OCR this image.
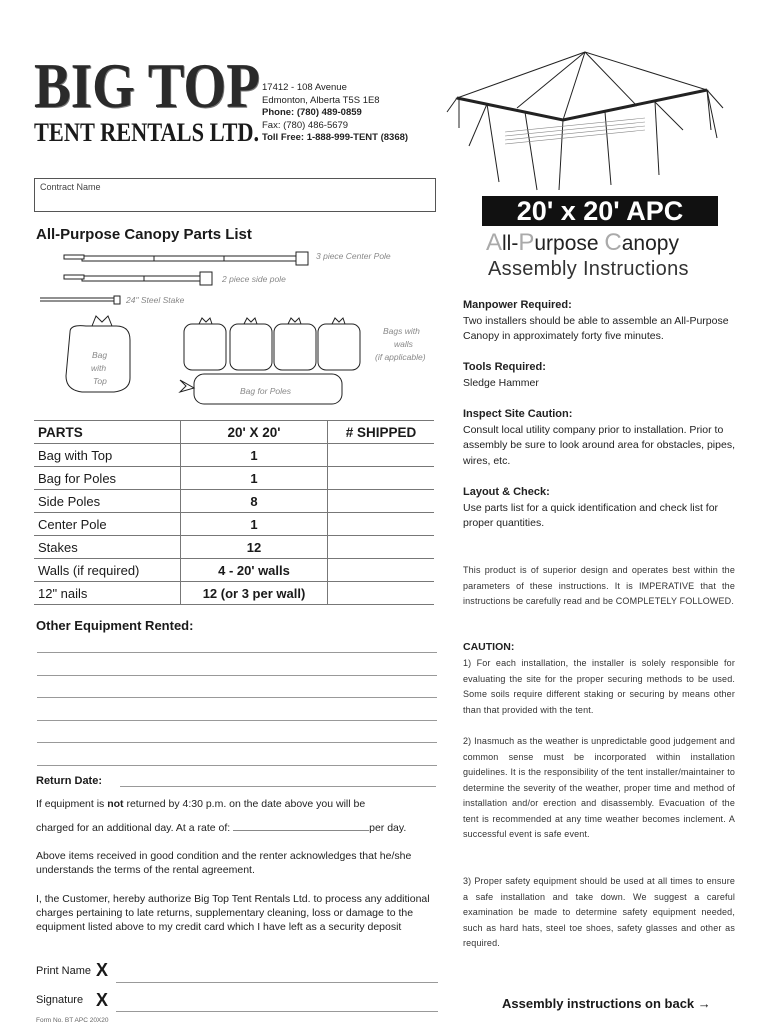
BIG TOP
TENT RENTALS LTD.
17412 - 108 Avenue
Edmonton, Alberta T5S 1E8
Phone: (780) 489-0859
Fax: (780) 486-5679
Toll Free: 1-888-999-TENT (8368)
Contract Name
20' x 20' APC
All-Purpose Canopy
Assembly Instructions
All-Purpose Canopy Parts List
3 piece Center Pole
2 piece side pole
24" Steel Stake
Bag
with
Top
Bags with
walls
(if applicable)
Bag for Poles
PARTS	20' X 20'	# SHIPPED
Bag with Top	1	
Bag for Poles	1	
Side Poles	8	
Center Pole	1	
Stakes	12	
Walls (if required)	4 - 20' walls	
12" nails	12 (or 3 per wall)	
Other Equipment Rented:
Return Date:
If equipment is not returned by 4:30 p.m. on the date above you will be
charged for an additional day. At a rate of:	per day.
Above items received in good condition and the renter acknowledges that he/she understands the terms of the rental agreement.
I, the Customer, hereby authorize Big Top Tent Rentals Ltd. to process any additional charges pertaining to late returns, supplementary cleaning, loss or damage to the equipment listed above to my credit card which I have left as a security deposit
Print Name X
Signature X
Form No. BT APC 20X20
Manpower Required:
Two installers should be able to assemble an All-Purpose Canopy in approximately forty five minutes.
Tools Required:
Sledge Hammer
Inspect Site Caution:
Consult local utility company prior to installation. Prior to assembly be sure to look around area for obstacles, pipes, wires, etc.
Layout & Check:
Use parts list for a quick identification and check list for proper quantities.
This product is of superior design and operates best within the parameters of these instructions. It is IMPERATIVE that the instructions be carefully read and be COMPLETELY FOLLOWED.
CAUTION:
1) For each installation, the installer is solely responsible for evaluating the site for the proper securing methods to be used. Some soils require different staking or securing by means other than that provided with the tent.
2) Inasmuch as the weather is unpredictable good judgement and common sense must be incorporated within installation guidelines. It is the responsibility of the tent installer/maintainer to determine the severity of the weather, proper time and method of installation and/or erection and disassembly. Evacuation of the tent is recommended at any time weather becomes inclement. A successful event is safe event.
3) Proper safety equipment should be used at all times to ensure a safe installation and take down. We suggest a careful examination be made to determine safety equipment needed, such as hard hats, steel toe shoes, safety glasses and other as required.
Assembly instructions on back →
